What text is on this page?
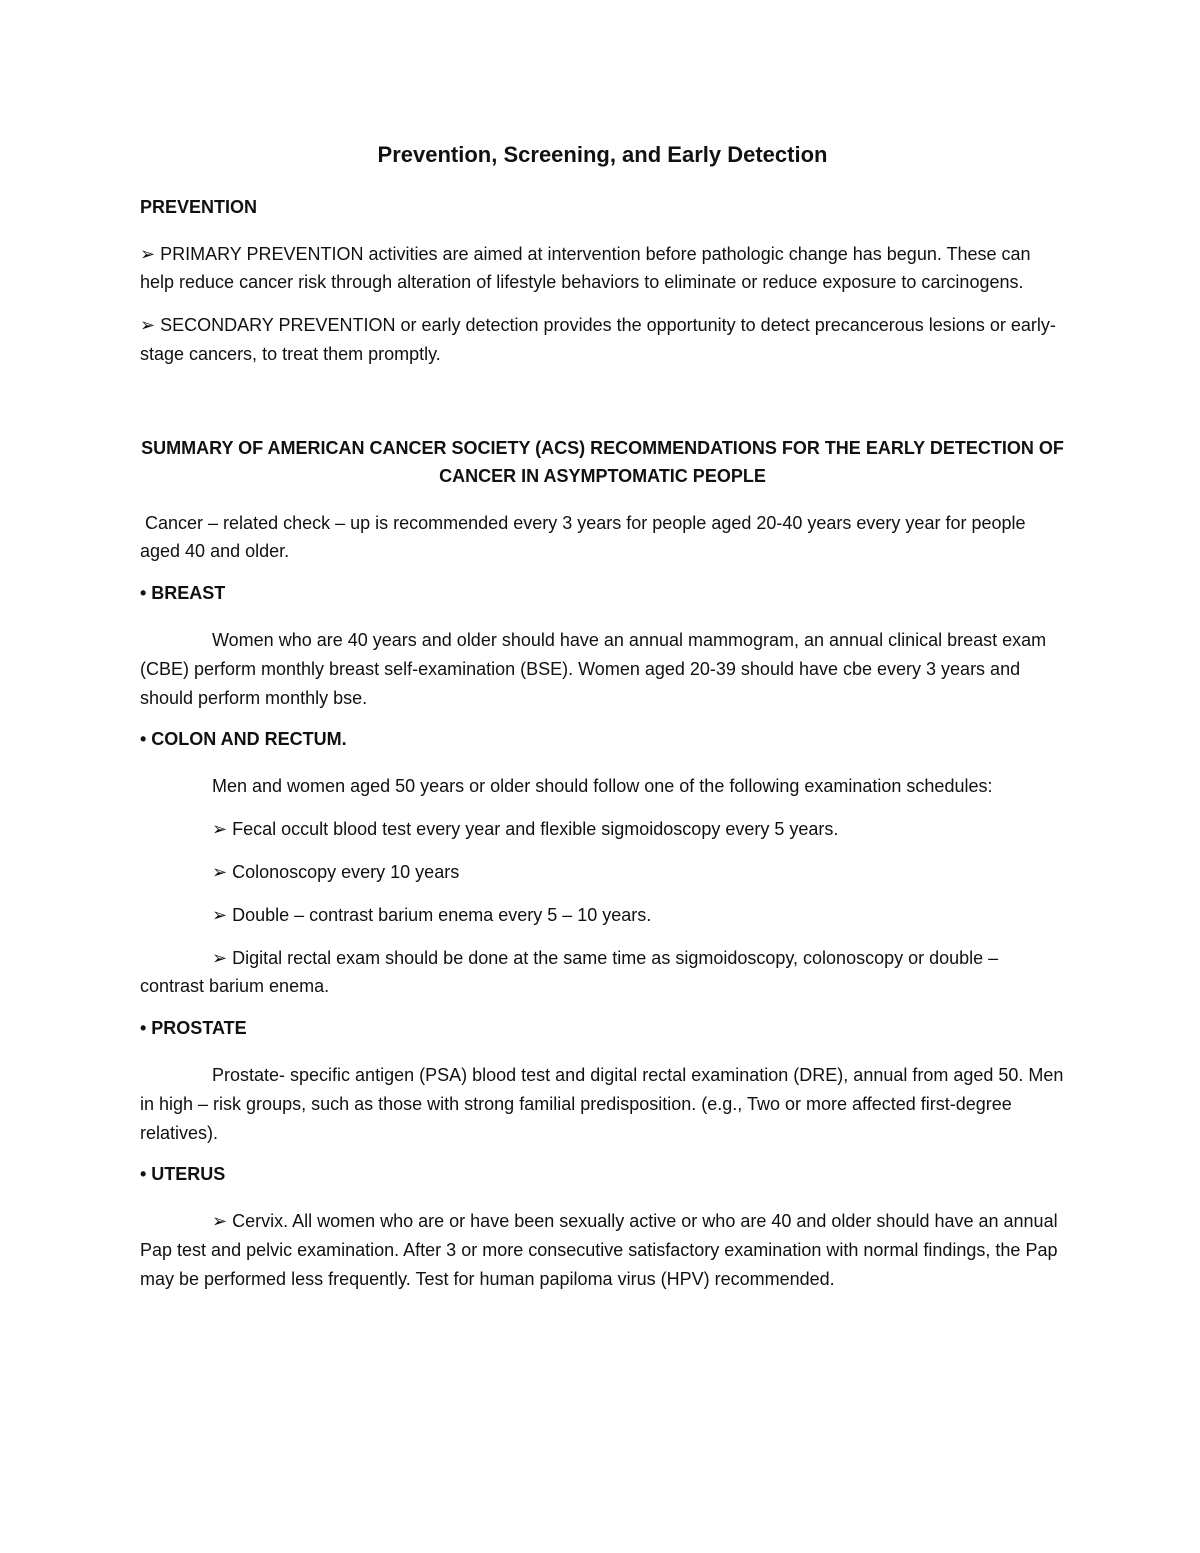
Prevention, Screening, and Early Detection
PREVENTION

➢ PRIMARY PREVENTION activities are aimed at intervention before pathologic change has begun. These can help reduce cancer risk through alteration of lifestyle behaviors to eliminate or reduce exposure to carcinogens.

➢ SECONDARY PREVENTION or early detection provides the opportunity to detect precancerous lesions or early- stage cancers, to treat them promptly.

SUMMARY OF AMERICAN CANCER SOCIETY (ACS) RECOMMENDATIONS FOR THE EARLY DETECTION OF CANCER IN ASYMPTOMATIC PEOPLE

Cancer – related check – up is recommended every 3 years for people aged 20-40 years every year for people aged 40 and older.

• BREAST

Women who are 40 years and older should have an annual mammogram, an annual clinical breast exam (CBE) perform monthly breast self-examination (BSE). Women aged 20-39 should have cbe every 3 years and should perform monthly bse.

• COLON AND RECTUM.

Men and women aged 50 years or older should follow one of the following examination schedules:

➢ Fecal occult blood test every year and flexible sigmoidoscopy every 5 years.

➢ Colonoscopy every 10 years

➢ Double – contrast barium enema every 5 – 10 years.

➢ Digital rectal exam should be done at the same time as sigmoidoscopy, colonoscopy or double – contrast barium enema.

• PROSTATE

Prostate- specific antigen (PSA) blood test and digital rectal examination (DRE), annual from aged 50. Men in high – risk groups, such as those with strong familial predisposition. (e.g., Two or more affected first-degree relatives).

• UTERUS

➢ Cervix. All women who are or have been sexually active or who are 40 and older should have an annual Pap test and pelvic examination. After 3 or more consecutive satisfactory examination with normal findings, the Pap may be performed less frequently. Test for human papiloma virus (HPV) recommended.
